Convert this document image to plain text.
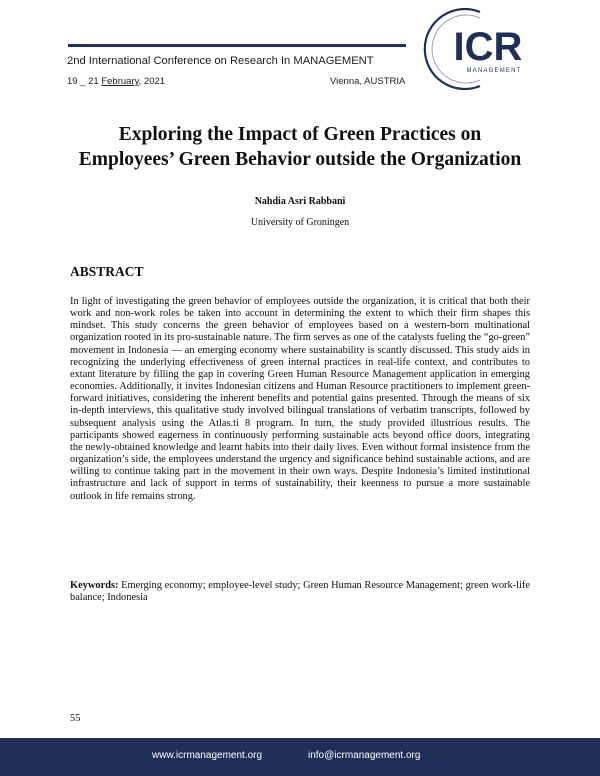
2nd International Conference on Research In MANAGEMENT
19 _ 21 February, 2021	Vienna, AUSTRIA
ICR
MANAGEMENT
Exploring the Impact of Green Practices on
Employees’ Green Behavior outside the Organization
Nahdia Asri Rabbani
University of Groningen
ABSTRACT

In light of investigating the green behavior of employees outside the organization, it is critical that both their work and non-work roles be taken into account in determining the extent to which their firm shapes this mindset. This study concerns the green behavior of employees based on a western-born multinational organization rooted in its pro-sustainable nature. The firm serves as one of the catalysts fueling the “go-green” movement in Indonesia — an emerging economy where sustainability is scantly discussed. This study aids in recognizing the underlying effectiveness of green internal practices in real-life context, and contributes to extant literature by filling the gap in covering Green Human Resource Management application in emerging economies. Additionally, it invites Indonesian citizens and Human Resource practitioners to implement green-forward initiatives, considering the inherent benefits and potential gains presented. Through the means of six in-depth interviews, this qualitative study involved bilingual translations of verbatim transcripts, followed by subsequent analysis using the Atlas.ti 8 program. In turn, the study provided illustrious results. The participants showed eagerness in continuously performing sustainable acts beyond office doors, integrating the newly-obtained knowledge and learnt habits into their daily lives. Even without formal insistence from the organization’s side, the employees understand the urgency and significance behind sustainable actions, and are willing to continue taking part in the movement in their own ways. Despite Indonesia’s limited institutional infrastructure and lack of support in terms of sustainability, their keenness to pursue a more sustainable outlook in life remains strong.

Keywords: Emerging economy; employee-level study; Green Human Resource Management; green work-life balance; Indonesia

55
www.icrmanagement.org	info@icrmanagement.org
